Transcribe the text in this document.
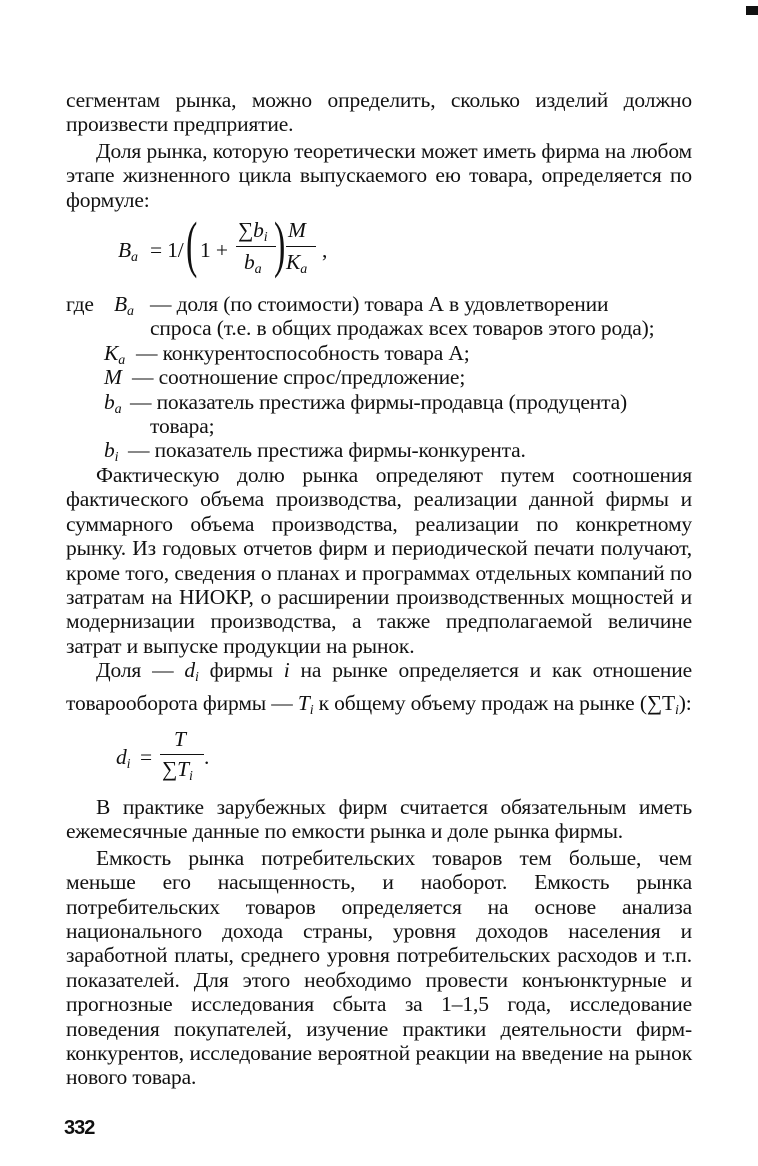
сегментам рынка, можно определить, сколько изделий должно произвести предприятие.

Доля рынка, которую теоретически может иметь фирма на любом этапе жизненного цикла выпускаемого ею товара, определяется по формуле:

$B_a = 1/$ ( 1 +
$\sum b_i$
$b_a$ ) M
$K_a$
,
где $B_a$ — доля (по стоимости) товара А в удовлетворении
спроса (т.е. в общих продажах всех товаров этого рода);
$K_a$ — конкурентоспособность товара А;
M — соотношение спрос/предложение;
$b_a$ — показатель престижа фирмы-продавца (продуцента)
товара;
$b_i$ — показатель престижа фирмы-конкурента.

Фактическую долю рынка определяют путем соотношения фактического объема производства, реализации данной фирмы и суммарного объема производства, реализации по конкретному рынку. Из годовых отчетов фирм и периодической печати получают, кроме того, сведения о планах и программах отдельных компаний по затратам на НИОКР, о расширении производственных мощностей и модернизации производства, а также предполагаемой величине затрат и выпуске продукции на рынок.

Доля — $d_i$ фирмы i на рынке определяется и как отношение товарооборота фирмы — $T_i$ к общему объему продаж на рынке $(\sum T_i)$:

$d_i$ =
T
$\sum T_i$
.

В практике зарубежных фирм считается обязательным иметь ежемесячные данные по емкости рынка и доле рынка фирмы.

Емкость рынка потребительских товаров тем больше, чем меньше его насыщенность, и наоборот. Емкость рынка потребительских товаров определяется на основе анализа национального дохода страны, уровня доходов населения и заработной платы, среднего уровня потребительских расходов и т.п. показателей. Для этого необходимо провести конъюнктурные и прогнозные исследования сбыта за 1–1,5 года, исследование поведения покупателей, изучение практики деятельности фирм-конкурентов, исследование вероятной реакции на введение на рынок нового товара.

332
